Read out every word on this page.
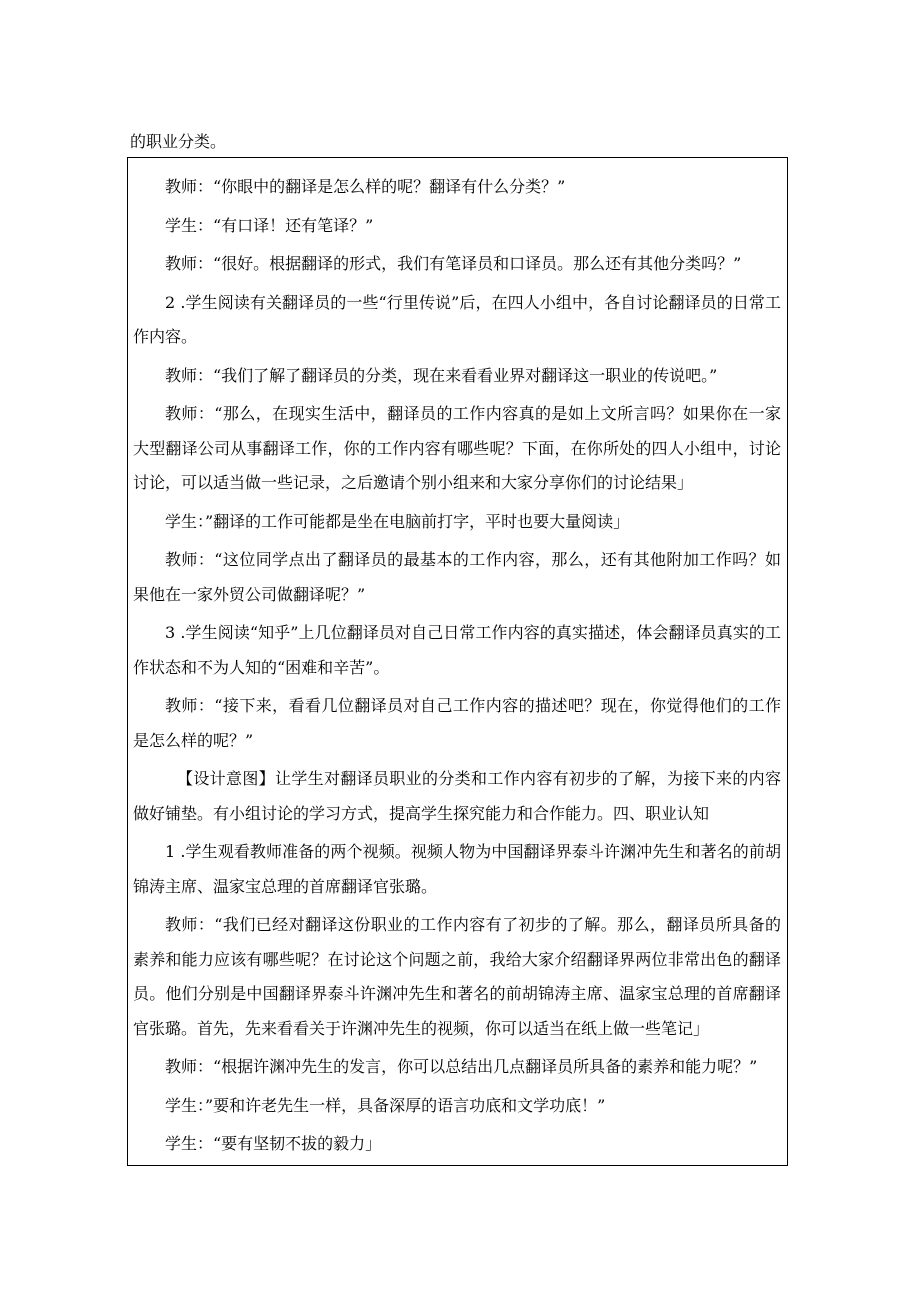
的职业分类。

教师：“你眼中的翻译是怎么样的呢？翻译有什么分类？”

学生：“有口译！还有笔译？”

教师：“很好。根据翻译的形式，我们有笔译员和口译员。那么还有其他分类吗？”

2 .学生阅读有关翻译员的一些“行里传说”后，在四人小组中，各自讨论翻译员的日常工作内容。

教师：“我们了解了翻译员的分类，现在来看看业界对翻译这一职业的传说吧。”

教师：“那么，在现实生活中，翻译员的工作内容真的是如上文所言吗？如果你在一家大型翻译公司从事翻译工作，你的工作内容有哪些呢？下面，在你所处的四人小组中，讨论讨论，可以适当做一些记录，之后邀请个别小组来和大家分享你们的讨论结果」

学生：”翻译的工作可能都是坐在电脑前打字，平时也要大量阅读」

教师：“这位同学点出了翻译员的最基本的工作内容，那么，还有其他附加工作吗？如果他在一家外贸公司做翻译呢？”

3 .学生阅读“知乎”上几位翻译员对自己日常工作内容的真实描述，体会翻译员真实的工作状态和不为人知的“困难和辛苦”。

教师：“接下来，看看几位翻译员对自己工作内容的描述吧？现在，你觉得他们的工作是怎么样的呢？”

【设计意图】让学生对翻译员职业的分类和工作内容有初步的了解，为接下来的内容做好铺垫。有小组讨论的学习方式，提高学生探究能力和合作能力。四、职业认知

1 .学生观看教师准备的两个视频。视频人物为中国翻译界泰斗许渊冲先生和著名的前胡锦涛主席、温家宝总理的首席翻译官张璐。

教师：“我们已经对翻译这份职业的工作内容有了初步的了解。那么，翻译员所具备的素养和能力应该有哪些呢？在讨论这个问题之前，我给大家介绍翻译界两位非常出色的翻译员。他们分别是中国翻译界泰斗许渊冲先生和著名的前胡锦涛主席、温家宝总理的首席翻译官张璐。首先，先来看看关于许渊冲先生的视频，你可以适当在纸上做一些笔记」

教师：“根据许渊冲先生的发言，你可以总结出几点翻译员所具备的素养和能力呢？”

学生：”要和许老先生一样，具备深厚的语言功底和文学功底！”

学生：“要有坚韧不拔的毅力」
